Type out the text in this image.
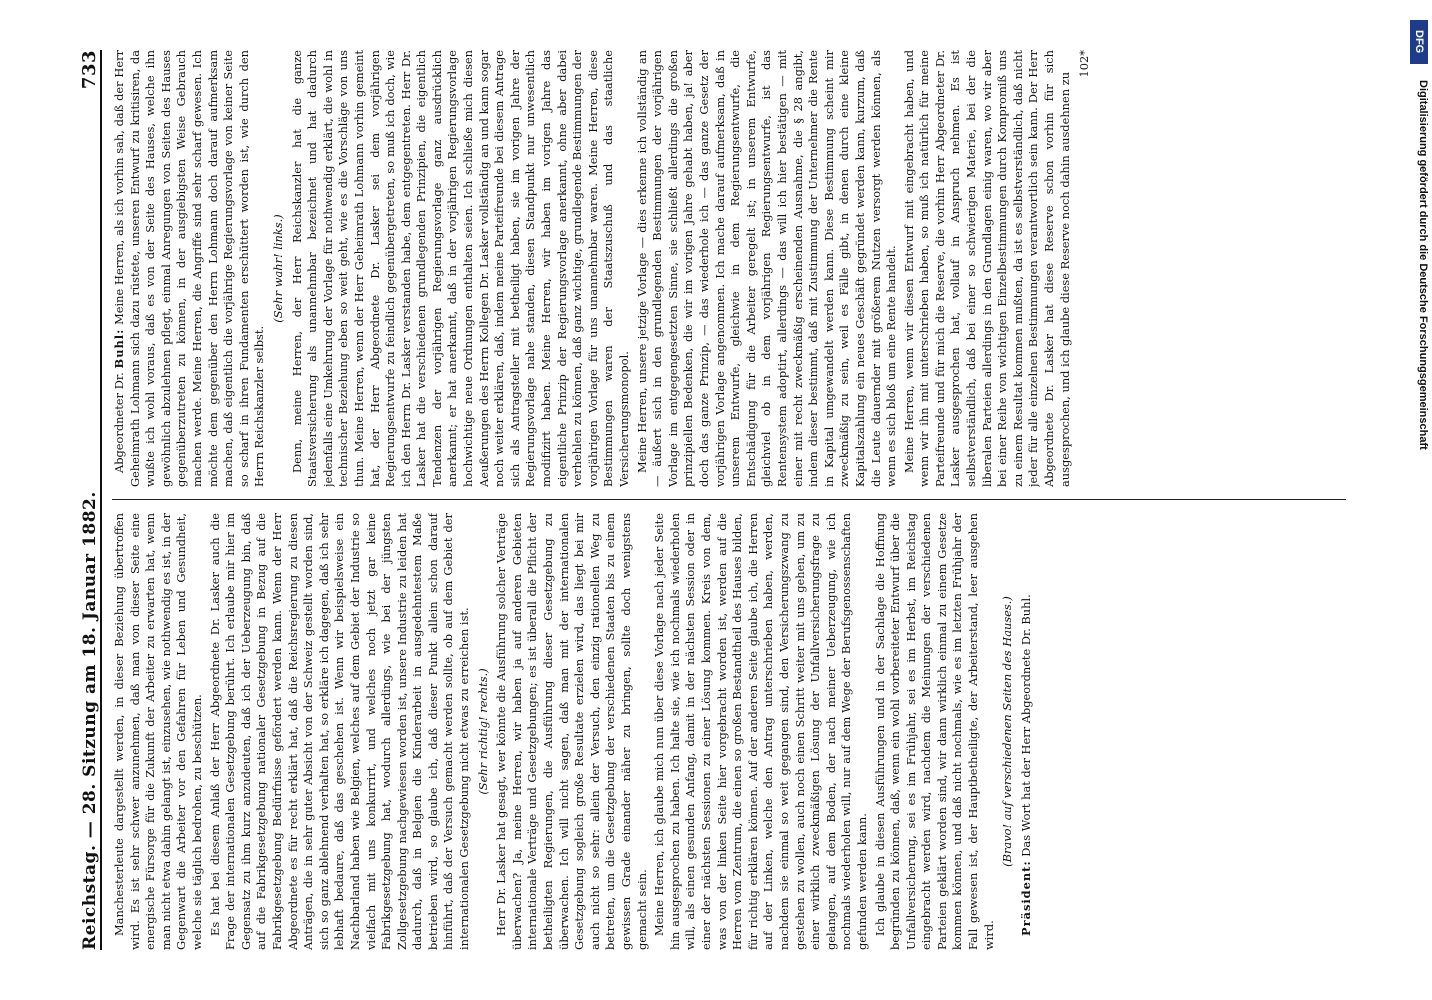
Reichstag. — 28. Sitzung am 18. Januar 1882.
733

Manchesterleute dargestellt werden, in dieser Beziehung übertroffen wird. Es ist sehr schwer anzunehmen, daß man von dieser Seite eine energische Fürsorge für die Zukunft der Arbeiter zu erwarten hat, wenn man nicht etwa dahin gelangt ist, einzusehen, wie nothwendig es ist, in der Gegenwart die Arbeiter vor den Gefahren für Leben und Gesundheit, welche sie täglich bedrohen, zu beschützen. Es hat bei diesem Anlaß der Herr Abgeordnete Dr. Lasker auch die Frage der internationalen Gesetzgebung berührt. Ich erlaube mir hier im Gegensatz zu ihm kurz anzudeuten, daß ich der Ueberzeugung bin, daß auf die Fabrikgesetzgebung nationaler Gesetzgebung in Bezug auf die Fabrikgesetzgebung Bedürfnisse gefördert werden kann. Wenn der Herr Abgeordnete es für recht erklärt hat, daß die Reichsregierung zu diesen Anträgen, die in sehr guter Absicht von der Schweiz gestellt worden sind, sich so ganz ablehnend verhalten hat, so erkläre ich dagegen, daß ich sehr lebhaft bedaure, daß das geschehen ist. Wenn wir beispielsweise ein Nachbarland haben wie Belgien, welches auf dem Gebiet der Industrie so vielfach mit uns konkurrirt, und welches noch jetzt gar keine Fabrikgesetzgebung hat, wodurch allerdings, wie bei der jüngsten Zollgesetzgebung nachgewiesen worden ist, unsere Industrie zu leiden hat dadurch, daß in Belgien die Kinderarbeit in ausgedehntestem Maße betrieben wird, so glaube ich, daß dieser Punkt allein schon darauf hinführt, daß der Versuch gemacht werden sollte, ob auf dem Gebiet der internationalen Gesetzgebung nicht etwas zu erreichen ist. (Sehr richtig! rechts.) Herr Dr. Lasker hat gesagt, wer könnte die Ausführung solcher Verträge überwachen? Ja, meine Herren, wir haben ja auf anderen Gebieten internationale Verträge und Gesetzgebungen; es ist überall die Pflicht der betheiligten Regierungen, die Ausführung dieser Gesetzgebung zu überwachen. Ich will nicht sagen, daß man mit der internationalen Gesetzgebung sogleich große Resultate erzielen wird, das liegt bei mir auch nicht so sehr: allein der Versuch, den einzig rationellen Weg zu betreten, um die Gesetzgebung der verschiedenen Staaten bis zu einem gewissen Grade einander näher zu bringen, sollte doch wenigstens gemacht sein. Meine Herren, ich glaube mich nun über diese Vorlage nach jeder Seite hin ausgesprochen zu haben. Ich halte sie, wie ich nochmals wiederholen will, als einen gesunden Anfang, damit in der nächsten Session oder in einer der nächsten Sessionen zu einer Lösung kommen. Kreis von dem, was von der linken Seite hier vorgebracht worden ist, werden auf die Herren vom Zentrum, die einen so großen Bestandtheil des Hauses bilden, für richtig erklären können. Auf der anderen Seite glaube ich, die Herren auf der Linken, welche den Antrag unterschrieben haben, werden, nachdem sie einmal so weit gegangen sind, den Versicherungszwang zu gestehen zu wollen, auch noch einen Schritt weiter mit uns gehen, um zu einer wirklich zweckmäßigen Lösung der Unfallversicherungsfrage zu gelangen, auf dem Boden, der nach meiner Ueberzeugung, wie ich nochmals wiederholen will, nur auf dem Wege der Berufsgenossenschaften gefunden werden kann. Ich glaube in diesen Ausführungen und in der Sachlage die Hoffnung begründen zu können, daß, wenn ein wohl vorbereiteter Entwurf über die Unfallversicherung, sei es im Frühjahr, sei es im Herbst, im Reichstag eingebracht werden wird, nachdem die Meinungen der verschiedenen Parteien geklärt worden sind, wir dann wirklich einmal zu einem Gesetze kommen können, und daß nicht nochmals, wie es im letzten Frühjahr der Fall gewesen ist, der Hauptbetheiligte, der Arbeiterstand, leer ausgehen wird.

(Bravo! auf verschiedenen Seiten des Hauses.)

Präsident: Das Wort hat der Herr Abgeordnete Dr. Buhl.

Abgeordneter Dr. Buhl: Meine Herren, als ich vorhin sah, daß der Herr Geheimrath Lohmann sich dazu rüstete, unseren Entwurf zu kritisiren, da wußte ich wohl voraus, daß es von der Seite des Hauses, welche ihn gewöhnlich abzulehnen pflegt, einmal Anregungen von Seiten des Hauses gegenüberzutreten zu können, in der ausgiebigsten Weise Gebrauch machen werde. Meine Herren, die Angriffe sind sehr scharf gewesen. Ich möchte dem gegenüber den Herrn Lohmann doch darauf aufmerksam machen, daß eigentlich die vorjährige Regierungsvorlage von keiner Seite so scharf in ihren Fundamenten erschüttert worden ist, wie durch den Herrn Reichskanzler selbst.

(Sehr wahr! links.) Denn, meine Herren, der Herr Reichskanzler hat die ganze Staatsversicherung als unannehmbar bezeichnet und hat dadurch jedenfalls eine Umkehrung der Vorlage für nothwendig erklärt, die wohl in technischer Beziehung eben so weit geht, wie es die Vorschläge von uns thun. Meine Herren, wenn der Herr Geheimrath Lohmann vorhin gemeint hat, der Herr Abgeordnete Dr. Lasker sei dem vorjährigen Regierungsentwurfe zu feindlich gegenübergetreten, so muß ich doch, wie ich den Herrn Dr. Lasker verstanden habe, dem entgegentreten. Herr Dr. Lasker hat die verschiedenen grundlegenden Prinzipien, die eigentlich Tendenzen der vorjährigen Regierungsvorlage ganz ausdrücklich anerkannt; er hat anerkannt, daß in der vorjährigen Regierungsvorlage hochwichtige neue Ordnungen enthalten seien. Ich schließe mich diesen Aeußerungen des Herrn Kollegen Dr. Lasker vollständig an und kann sogar noch weiter erklären, daß, indem meine Parteifreunde bei diesem Antrage sich als Antragsteller mit betheiligt haben, sie im vorigen Jahre der Regierungsvorlage nahe standen, diesen Standpunkt nur unwesentlich modifizirt haben. Meine Herren, wir haben im vorigen Jahre das eigentliche Prinzip der Regierungsvorlage anerkannt, ohne aber dabei verhehlen zu können, daß ganz wichtige, grundlegende Bestimmungen der vorjährigen Vorlage für uns unannehmbar waren. Meine Herren, diese Bestimmungen waren der Staatszuschuß und das staatliche Versicherungsmonopol. Meine Herren, unsere jetzige Vorlage — dies erkenne ich vollständig an — äußert sich in den grundlegenden Bestimmungen der vorjährigen Vorlage im entgegengesetzten Sinne, sie schließt allerdings die großen prinzipiellen Bedenken, die wir im vorigen Jahre gehabt haben, ja! aber doch das ganze Prinzip, — das wiederhole ich — das ganze Gesetz der vorjährigen Vorlage angenommen. Ich mache darauf aufmerksam, daß in unserem Entwurfe, gleichwie in dem Regierungsentwurfe, die Entschädigung für die Arbeiter geregelt ist; in unserem Entwurfe, gleichviel ob in dem vorjährigen Regierungsentwurfe, ist das Rentensystem adoptirt, allerdings — das will ich hier bestätigen — mit einer mit recht zweckmäßig erscheinenden Ausnahme, die § 28 angibt, indem dieser bestimmt, daß mit Zustimmung der Unternehmer die Rente in Kapital umgewandelt werden kann. Diese Bestimmung scheint mir zweckmäßig zu sein, weil es Fälle gibt, in denen durch eine kleine Kapitalszahlung ein neues Geschäft gegründet werden kann, kurzum, daß die Leute dauernder mit größerem Nutzen versorgt werden können, als wenn es sich bloß um eine Rente handelt. Meine Herren, wenn wir diesen Entwurf mit eingebracht haben, und wenn wir ihn mit unterschrieben haben, so muß ich natürlich für meine Parteifreunde und für mich die Reserve, die vorhin Herr Abgeordneter Dr. Lasker ausgesprochen hat, vollauf in Anspruch nehmen. Es ist selbstverständlich, daß bei einer so schwierigen Materie, bei der die liberalen Parteien allerdings in den Grundlagen einig waren, wo wir aber bei einer Reihe von wichtigen Einzelbestimmungen durch Kompromiß uns zu einem Resultat kommen mußten, da ist es selbstverständlich, daß nicht jeder für alle einzelnen Bestimmungen verantwortlich sein kann. Der Herr Abgeordnete Dr. Lasker hat diese Reserve schon vorhin für sich ausgesprochen, und ich glaube diese Reserve noch dahin ausdehnen zu

102*

DFG
Digitalisierung gefördert durch die Deutsche Forschungsgemeinschaft
